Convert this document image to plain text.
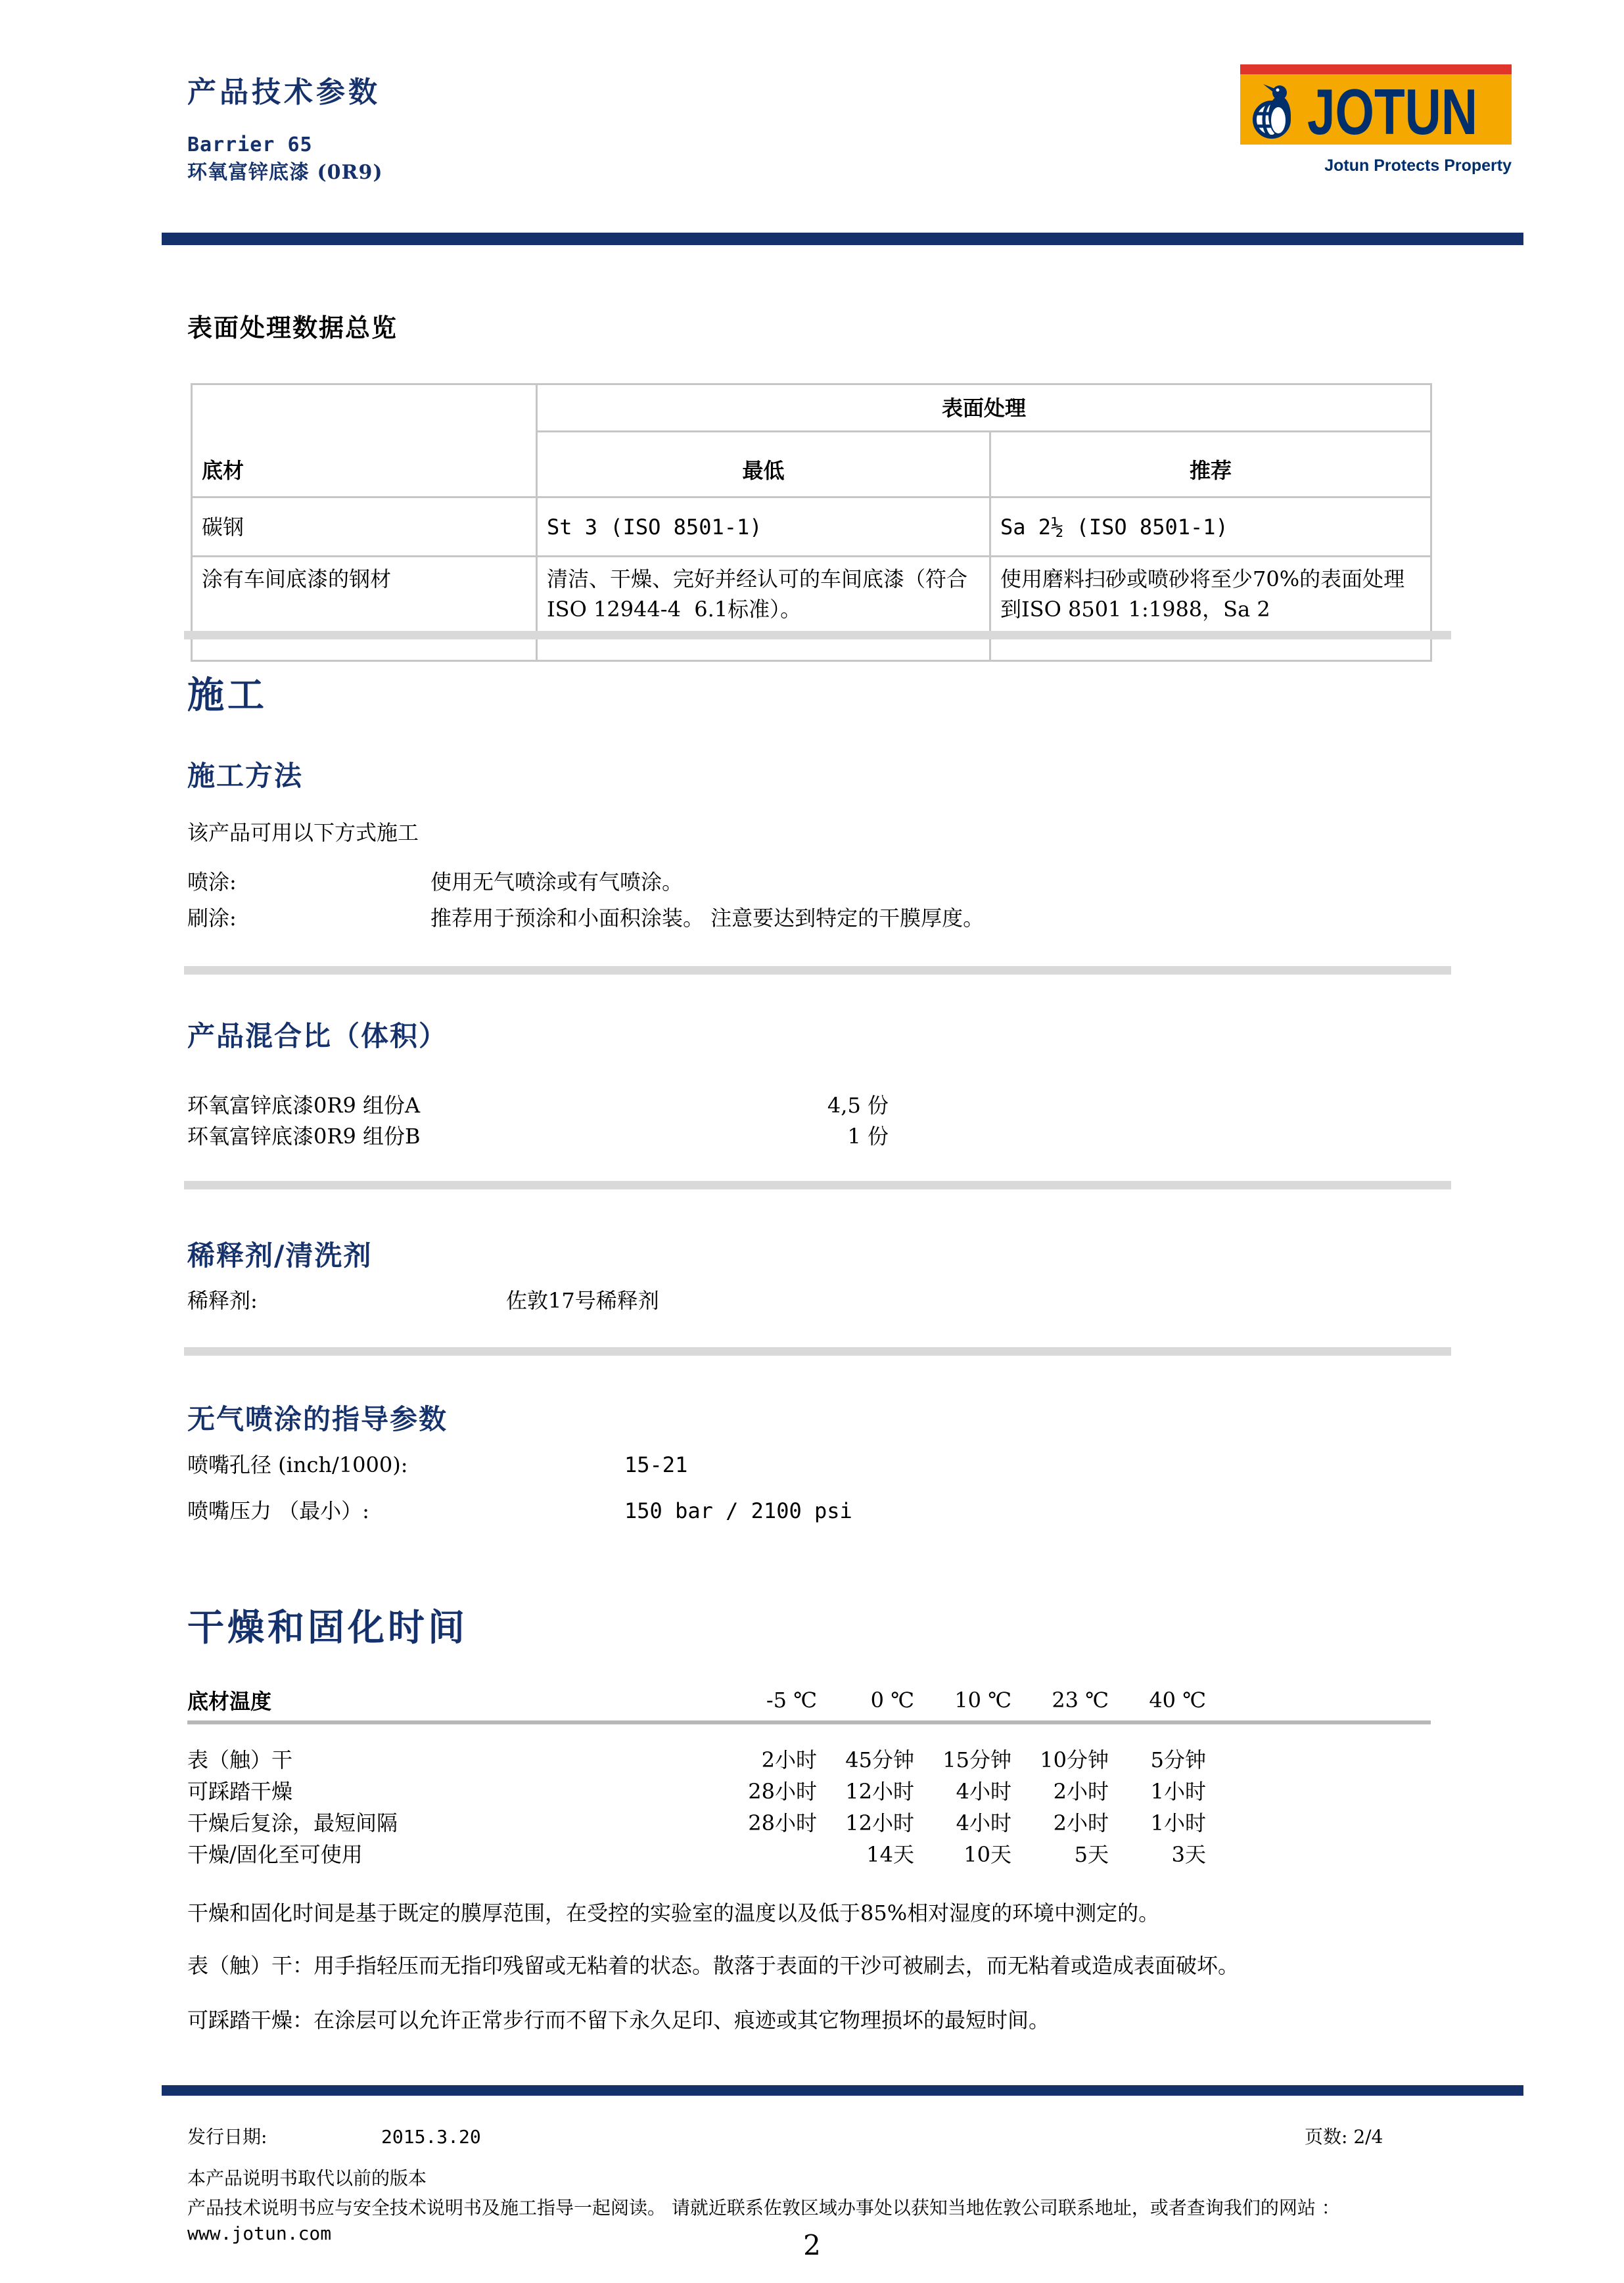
产品技术参数
Barrier 65
环氧富锌底漆 (0R9)
JOTUN
Jotun Protects Property
表面处理数据总览
底材	表面处理	
	最低	推荐
碳钢	St 3 (ISO 8501-1)	Sa 2½ (ISO 8501-1)
涂有车间底漆的钢材	清洁、干燥、完好并经认可的车间底漆（符合ISO 12944-4  6.1标准）。	使用磨料扫砂或喷砂将至少70%的表面处理到ISO 8501 1:1988，Sa 2
施工
施工方法
该产品可用以下方式施工
喷涂:	使用无气喷涂或有气喷涂。
刷涂:	推荐用于预涂和小面积涂装。 注意要达到特定的干膜厚度。
产品混合比（体积）
环氧富锌底漆0R9 组份A	4,5 份
环氧富锌底漆0R9 组份B	1 份
稀释剂/清洗剂
稀释剂:	佐敦17号稀释剂
无气喷涂的指导参数
喷嘴孔径 (inch/1000):	15-21
喷嘴压力 （最小）:	150 bar / 2100 psi
干燥和固化时间
底材温度	-5 ℃	0 ℃	10 ℃	23 ℃	40 ℃	
表（触）干	2小时	45分钟	15分钟	10分钟	5分钟	
可踩踏干燥	28小时	12小时	4小时	2小时	1小时	
干燥后复涂，最短间隔	28小时	12小时	4小时	2小时	1小时	
干燥/固化至可使用		14天	10天	5天	3天	
干燥和固化时间是基于既定的膜厚范围，在受控的实验室的温度以及低于85%相对湿度的环境中测定的。
表（触）干：用手指轻压而无指印残留或无粘着的状态。散落于表面的干沙可被刷去，而无粘着或造成表面破坏。
可踩踏干燥：在涂层可以允许正常步行而不留下永久足印、痕迹或其它物理损坏的最短时间。
发行日期:	2015.3.20	页数: 2/4
本产品说明书取代以前的版本
产品技术说明书应与安全技术说明书及施工指导一起阅读。 请就近联系佐敦区域办事处以获知当地佐敦公司联系地址，或者查询我们的网站 ：
www.jotun.com	2
